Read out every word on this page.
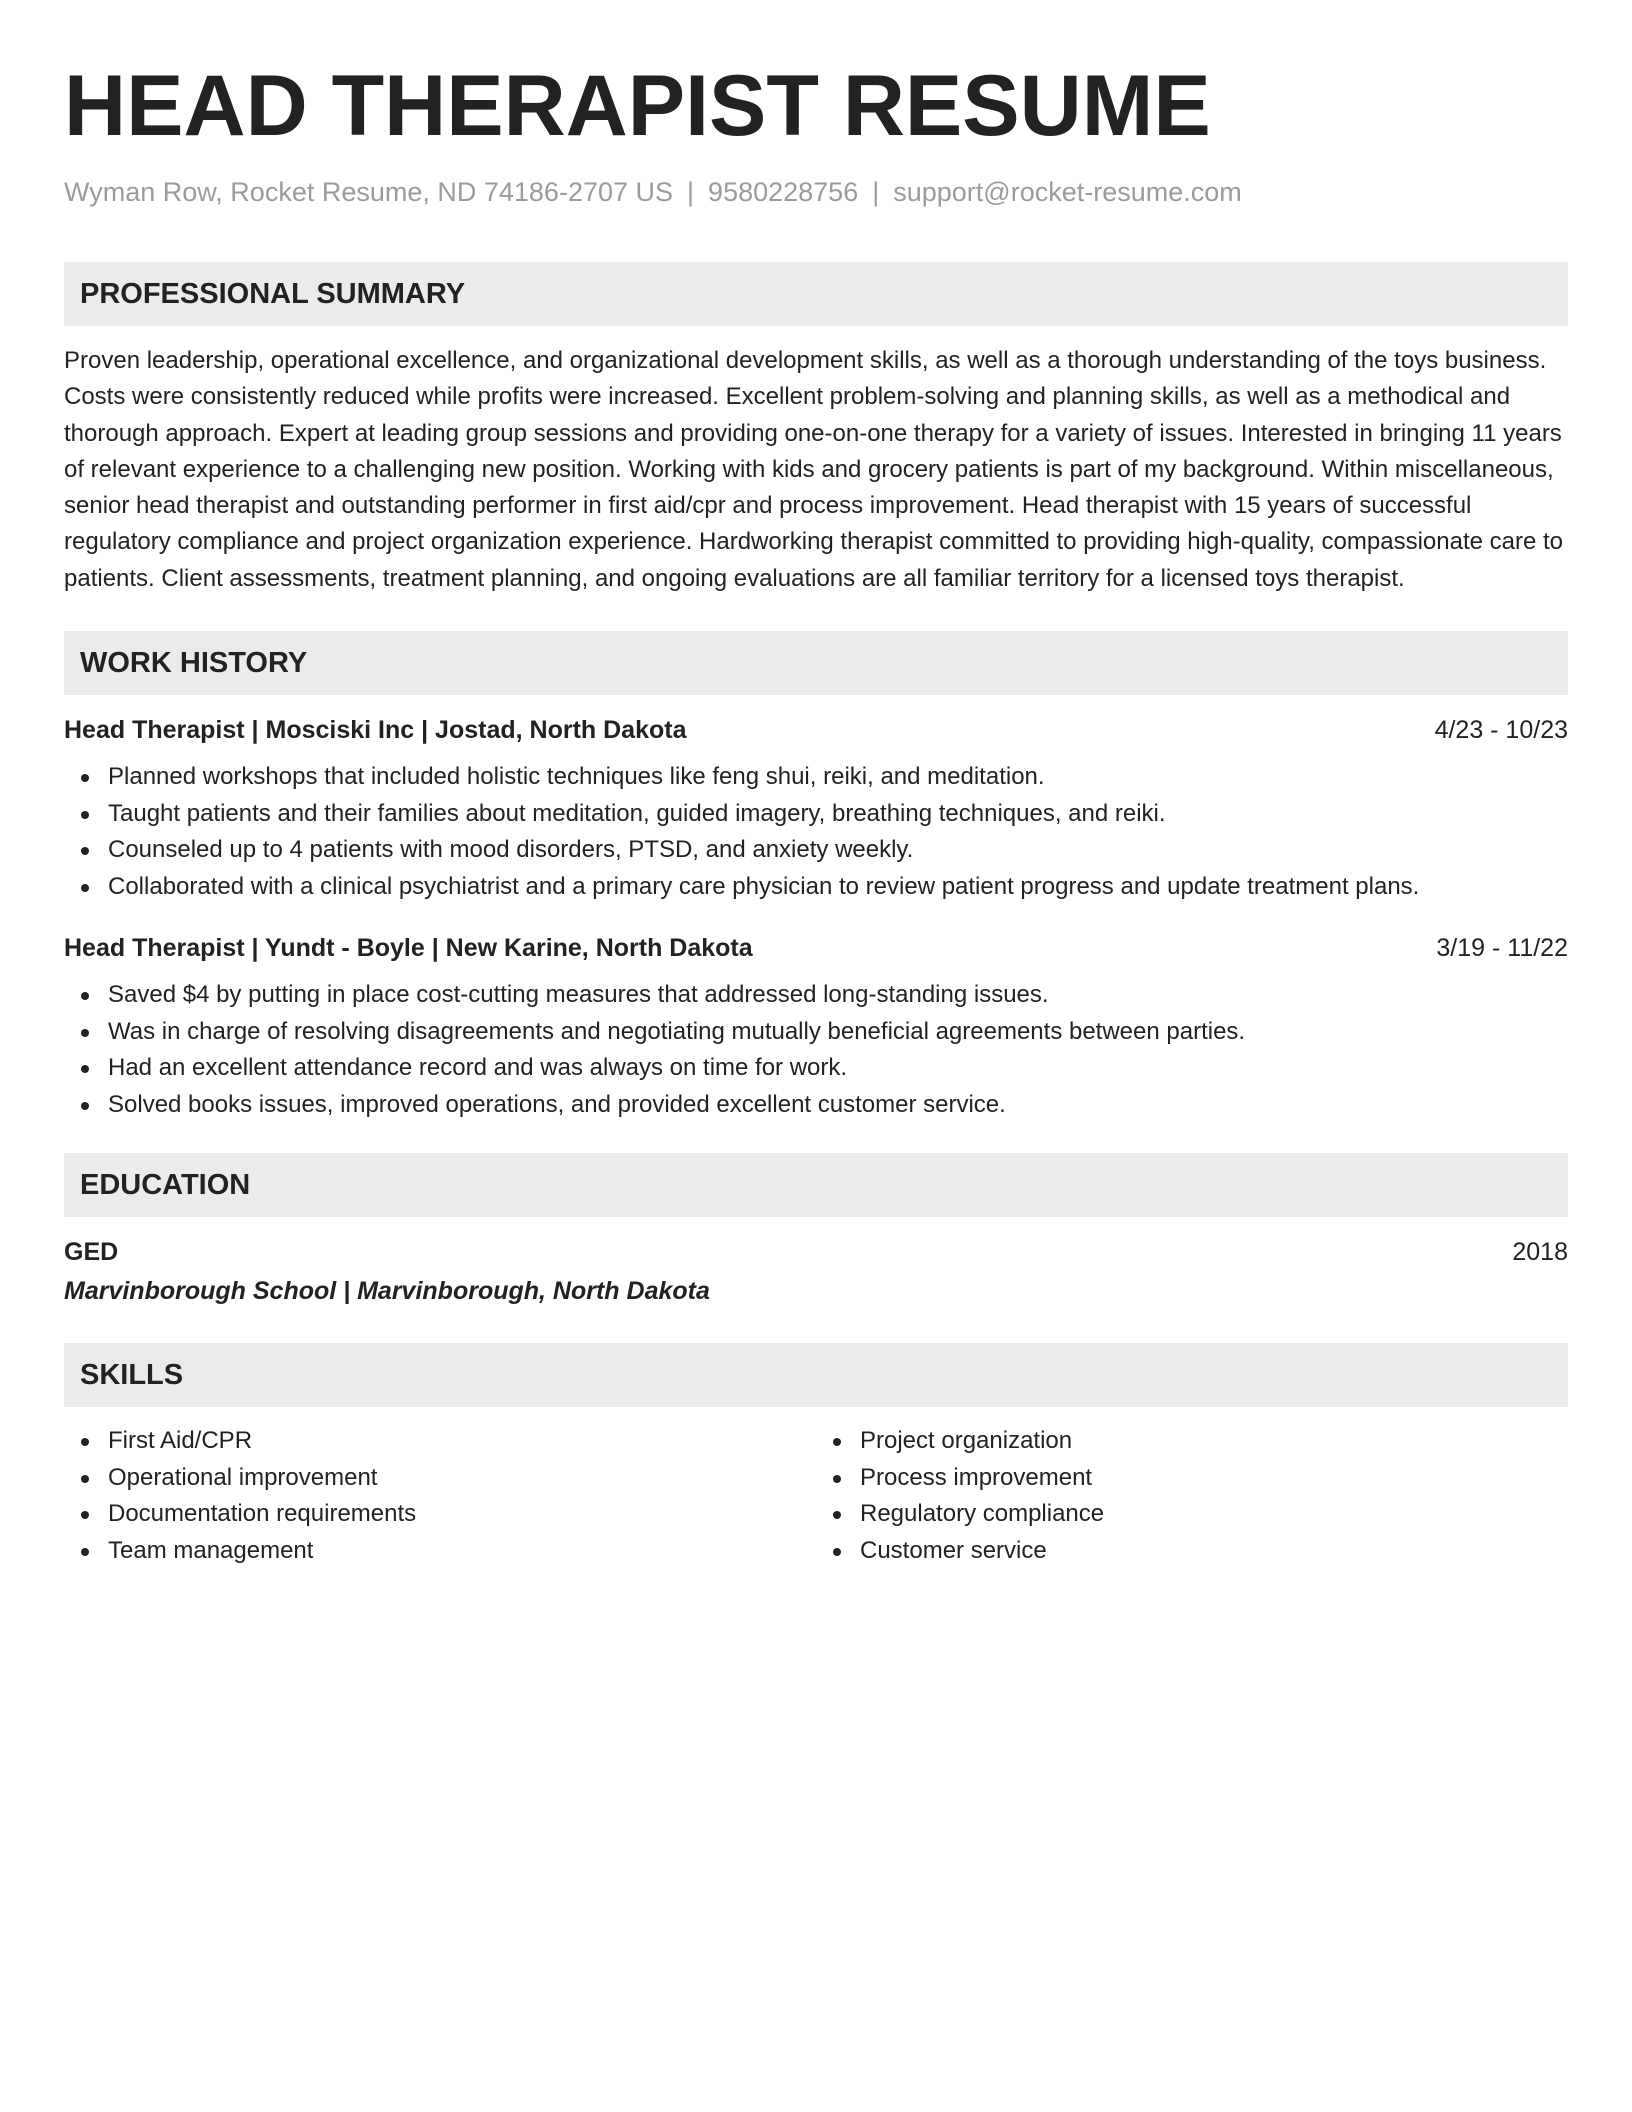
HEAD THERAPIST RESUME
Wyman Row, Rocket Resume, ND 74186-2707 US | 9580228756 | support@rocket-resume.com
PROFESSIONAL SUMMARY
Proven leadership, operational excellence, and organizational development skills, as well as a thorough understanding of the toys business. Costs were consistently reduced while profits were increased. Excellent problem-solving and planning skills, as well as a methodical and thorough approach. Expert at leading group sessions and providing one-on-one therapy for a variety of issues. Interested in bringing 11 years of relevant experience to a challenging new position. Working with kids and grocery patients is part of my background. Within miscellaneous, senior head therapist and outstanding performer in first aid/cpr and process improvement. Head therapist with 15 years of successful regulatory compliance and project organization experience. Hardworking therapist committed to providing high-quality, compassionate care to patients. Client assessments, treatment planning, and ongoing evaluations are all familiar territory for a licensed toys therapist.
WORK HISTORY
Head Therapist | Mosciski Inc | Jostad, North Dakota	4/23 - 10/23
Planned workshops that included holistic techniques like feng shui, reiki, and meditation.
Taught patients and their families about meditation, guided imagery, breathing techniques, and reiki.
Counseled up to 4 patients with mood disorders, PTSD, and anxiety weekly.
Collaborated with a clinical psychiatrist and a primary care physician to review patient progress and update treatment plans.
Head Therapist | Yundt - Boyle | New Karine, North Dakota	3/19 - 11/22
Saved $4 by putting in place cost-cutting measures that addressed long-standing issues.
Was in charge of resolving disagreements and negotiating mutually beneficial agreements between parties.
Had an excellent attendance record and was always on time for work.
Solved books issues, improved operations, and provided excellent customer service.
EDUCATION
GED	2018
Marvinborough School | Marvinborough, North Dakota
SKILLS
First Aid/CPR
Operational improvement
Documentation requirements
Team management
Project organization
Process improvement
Regulatory compliance
Customer service
